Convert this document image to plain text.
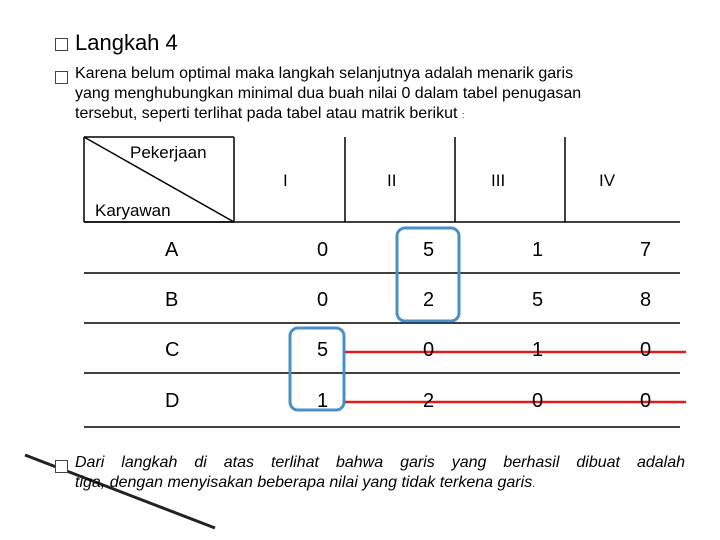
Langkah 4
Karena belum optimal maka langkah selanjutnya adalah menarik garis
yang menghubungkan minimal dua buah nilai 0 dalam tabel penugasan
tersebut, seperti terlihat pada tabel atau matrik berikut :
Pekerjaan
Karyawan
I	II	III	IV
A	0	5	1	7
B	0	2	5	8
C	5	0	1	0
D	1	2	0	0
Dari langkah di atas terlihat bahwa garis yang berhasil dibuat adalah
tiga, dengan menyisakan beberapa nilai yang tidak terkena garis.
